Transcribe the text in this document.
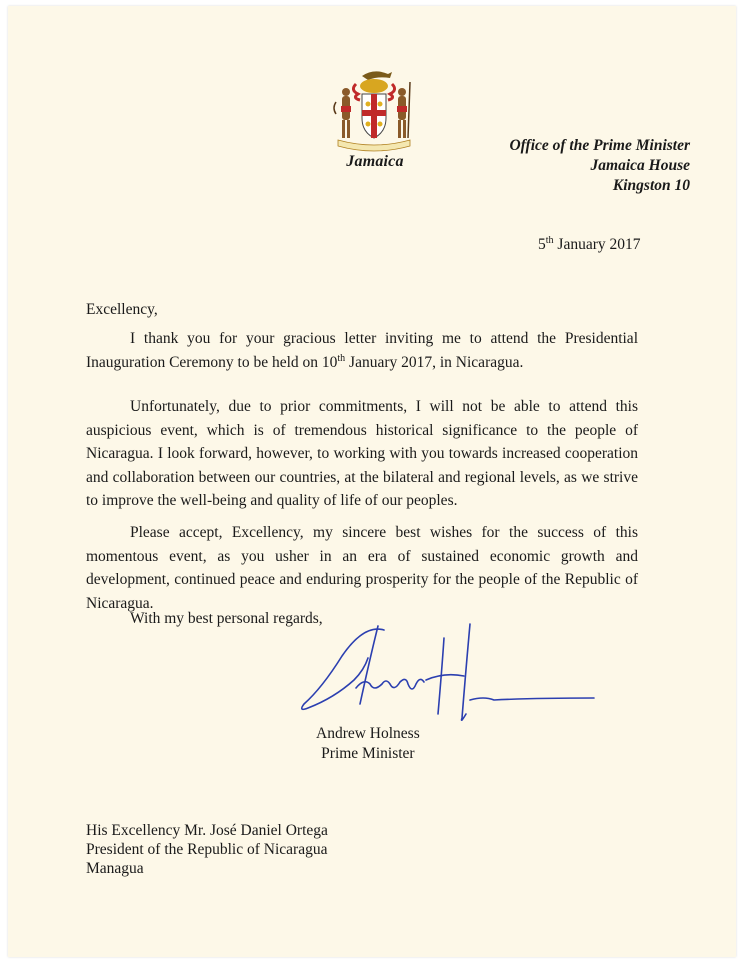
Jamaica
Office of the Prime Minister
Jamaica House
Kingston 10
5th January 2017
Excellency,
I thank you for your gracious letter inviting me to attend the Presidential Inauguration Ceremony to be held on 10th January 2017, in Nicaragua.
Unfortunately, due to prior commitments, I will not be able to attend this auspicious event, which is of tremendous historical significance to the people of Nicaragua. I look forward, however, to working with you towards increased cooperation and collaboration between our countries, at the bilateral and regional levels, as we strive to improve the well-being and quality of life of our peoples.
Please accept, Excellency, my sincere best wishes for the success of this momentous event, as you usher in an era of sustained economic growth and development, continued peace and enduring prosperity for the people of the Republic of Nicaragua.
With my best personal regards,
Andrew Holness
Prime Minister
His Excellency Mr. José Daniel Ortega
President of the Republic of Nicaragua
Managua
